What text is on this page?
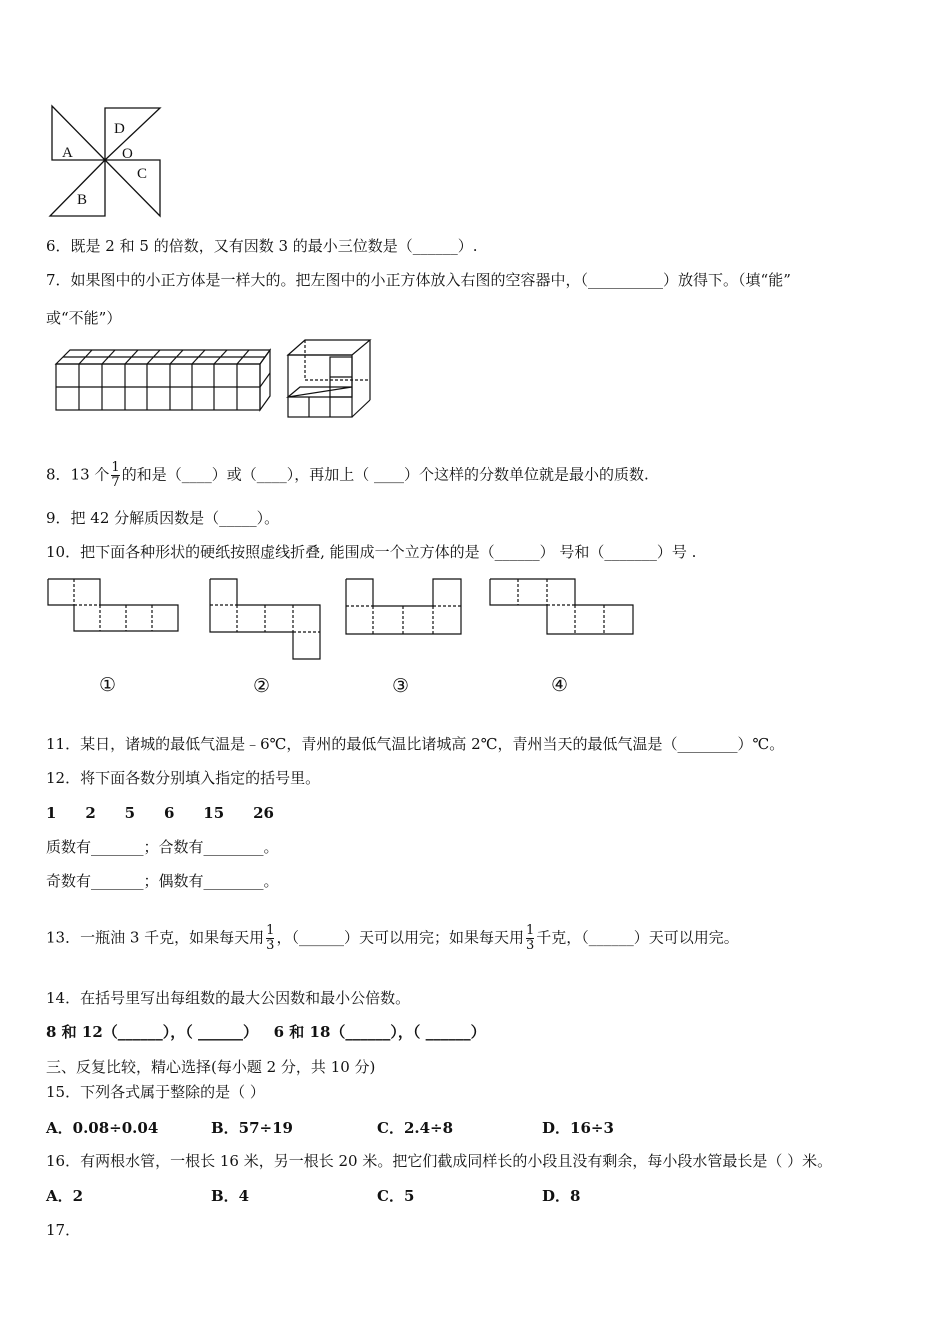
A
B
C
D
O
6．既是 2 和 5 的倍数，又有因数 3 的最小三位数是（______）.
7．如果图中的小正方体是一样大的。把左图中的小正方体放入右图的空容器中，（__________）放得下。（填“能”
或“不能”）
8．13 个 $\frac{1}{7}$ 的和是（____）或（____），再加上（ ____）个这样的分数单位就是最小的质数.
9．把 42 分解质因数是（_____）。
10．把下面各种形状的硬纸按照虚线折叠, 能围成一个立方体的是（______） 号和（_______）号 .
①	②	③	④
11．某日，诸城的最低气温是﹣6℃，青州的最低气温比诸城高 2℃，青州当天的最低气温是（________）℃。
12．将下面各数分别填入指定的括号里。
1    2    5    6    15    26
质数有_______；合数有________。
奇数有_______；偶数有________。
13．一瓶油 3 千克，如果每天用 $\frac{1}{3}$ ，（______）天可以用完；如果每天用 $\frac{1}{3}$ 千克，（______）天可以用完。
14．在括号里写出每组数的最大公因数和最小公倍数。
8 和 12（______），（ ______）   6 和 18（______），（ ______）
三、反复比较，精心选择(每小题 2 分，共 10 分)
15．下列各式属于整除的是（ ）
A．0.08÷0.04	B．57÷19	C．2.4÷8	D．16÷3
16．有两根水管，一根长 16 米，另一根长 20 米。把它们截成同样长的小段且没有剩余，每小段水管最长是（ ）米。
A．2	B．4	C．5	D．8
17．
